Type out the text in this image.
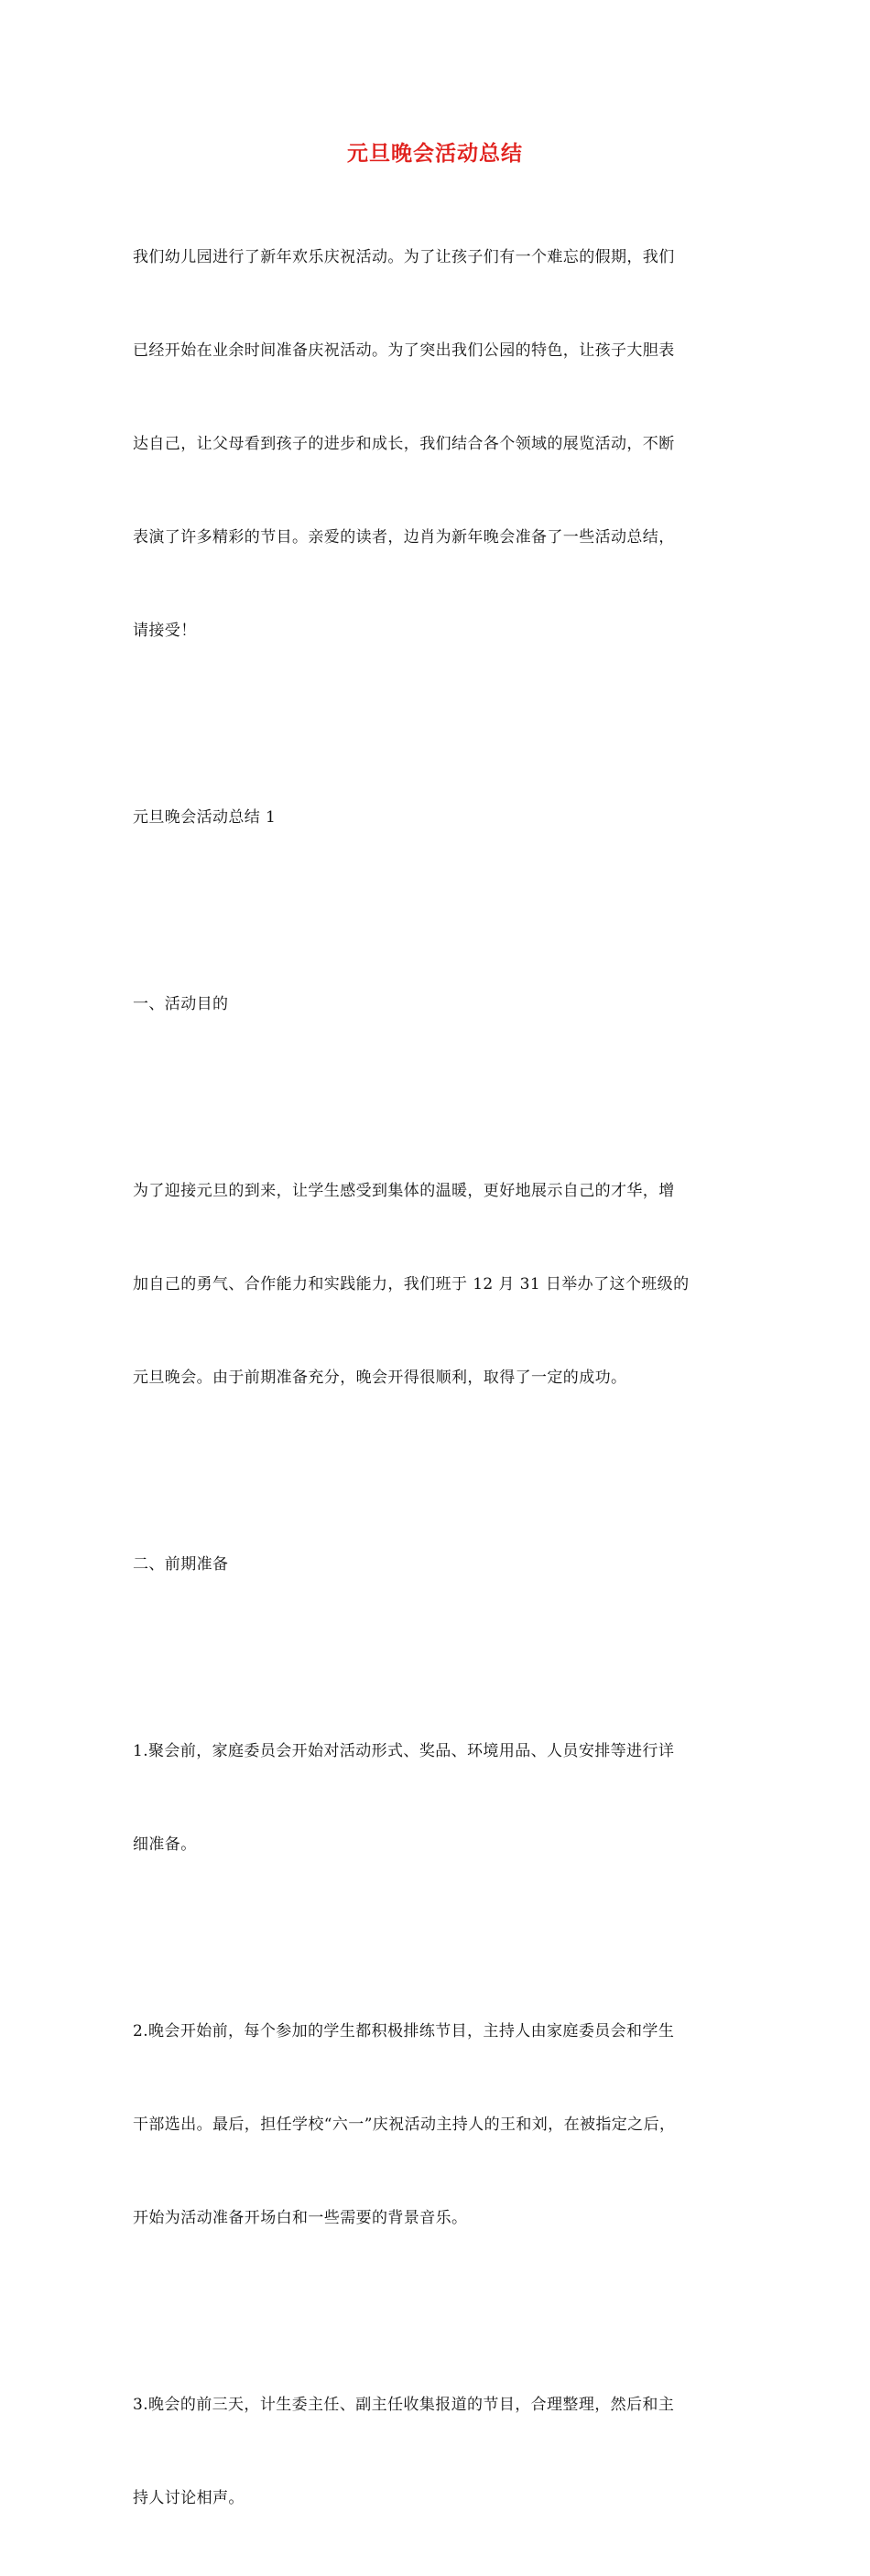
元旦晚会活动总结

我们幼儿园进行了新年欢乐庆祝活动。为了让孩子们有一个难忘的假期，我们

已经开始在业余时间准备庆祝活动。为了突出我们公园的特色，让孩子大胆表

达自己，让父母看到孩子的进步和成长，我们结合各个领域的展览活动，不断

表演了许多精彩的节目。亲爱的读者，边肖为新年晚会准备了一些活动总结，

请接受！

元旦晚会活动总结 1

一、活动目的

为了迎接元旦的到来，让学生感受到集体的温暖，更好地展示自己的才华，增

加自己的勇气、合作能力和实践能力，我们班于 12 月 31 日举办了这个班级的

元旦晚会。由于前期准备充分，晚会开得很顺利，取得了一定的成功。

二、前期准备

1.聚会前，家庭委员会开始对活动形式、奖品、环境用品、人员安排等进行详

细准备。

2.晚会开始前，每个参加的学生都积极排练节目，主持人由家庭委员会和学生

干部选出。最后，担任学校“六一”庆祝活动主持人的王和刘，在被指定之后，

开始为活动准备开场白和一些需要的背景音乐。

3.晚会的前三天，计生委主任、副主任收集报道的节目，合理整理，然后和主

持人讨论相声。
